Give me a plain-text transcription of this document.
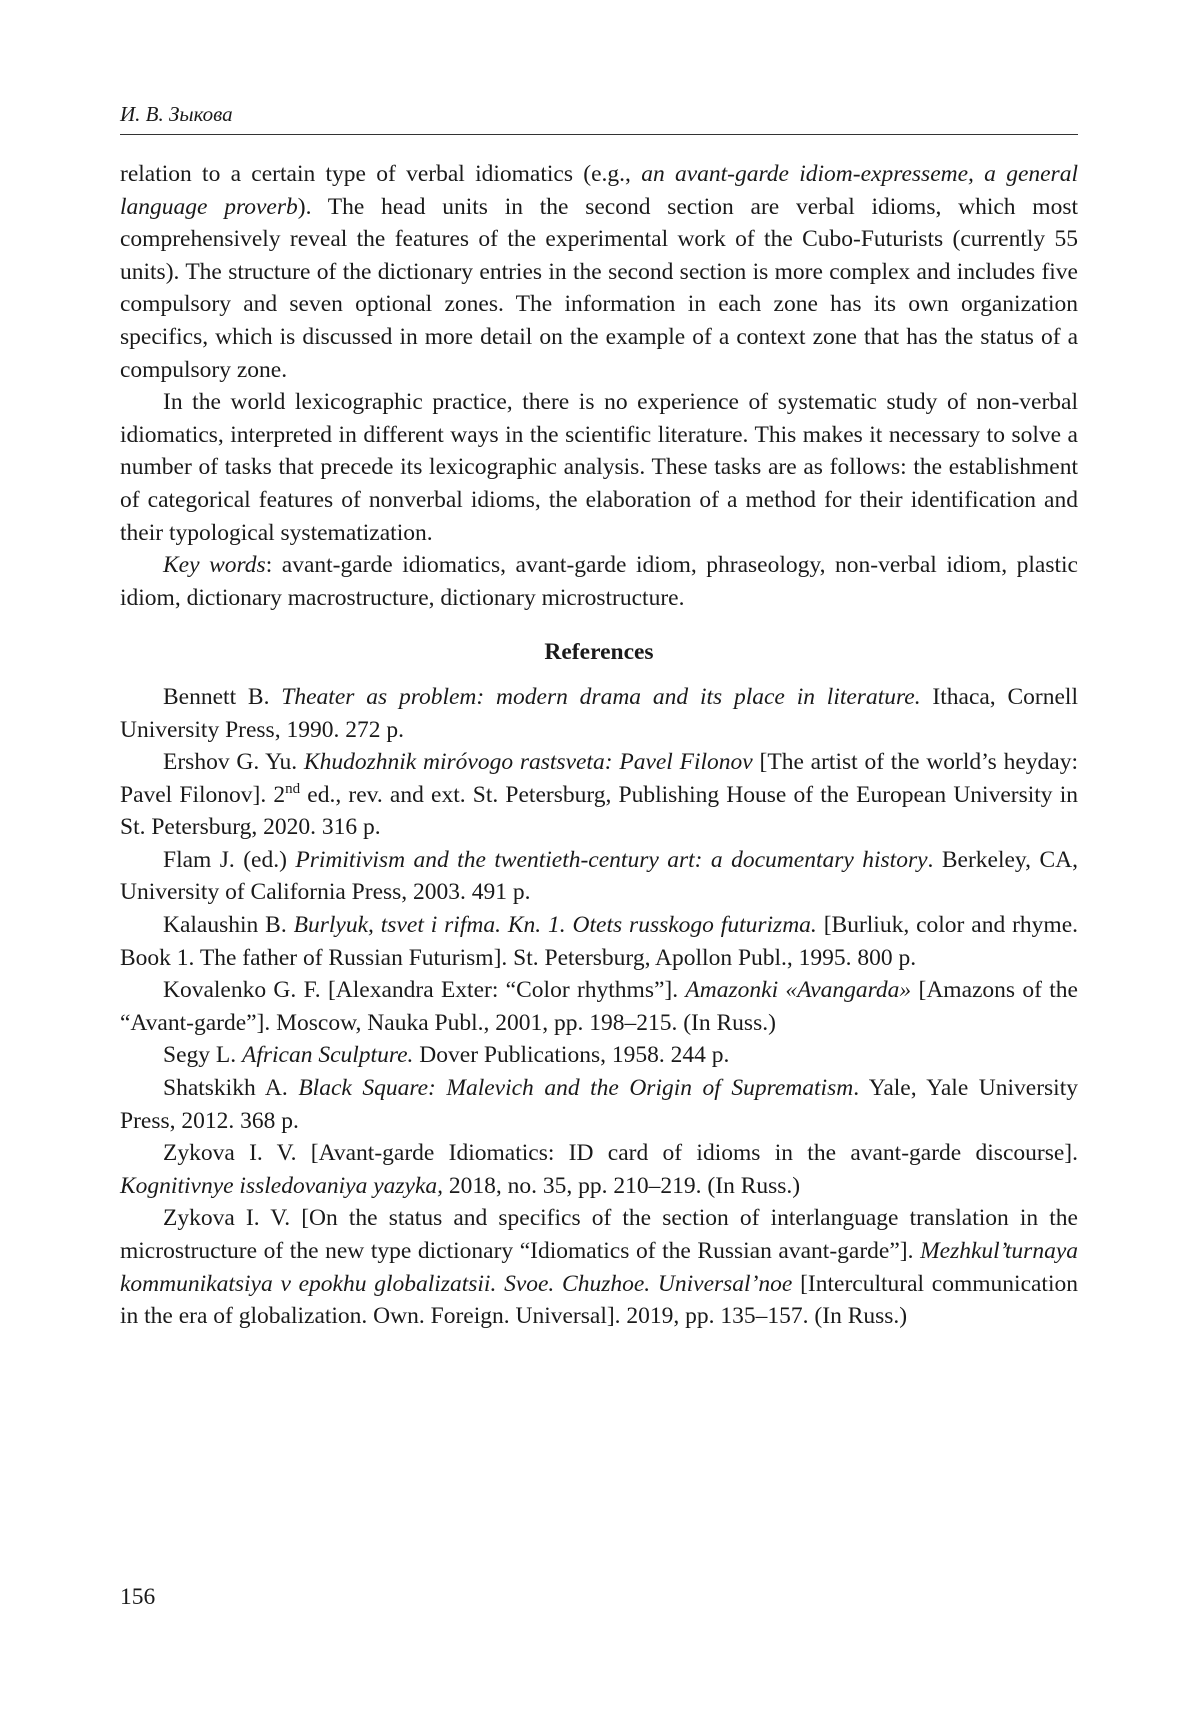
И. В. Зыкова

relation to a certain type of verbal idiomatics (e.g., an avant-garde idiom-expresseme, a general language proverb). The head units in the second section are verbal idioms, which most comprehensively reveal the features of the experimental work of the Cubo-Futurists (currently 55 units). The structure of the dictionary entries in the second section is more complex and includes five compulsory and seven optional zones. The information in each zone has its own organization specifics, which is discussed in more detail on the example of a context zone that has the status of a compulsory zone.

In the world lexicographic practice, there is no experience of systematic study of non-verbal idiomatics, interpreted in different ways in the scientific literature. This makes it necessary to solve a number of tasks that precede its lexicographic analysis. These tasks are as follows: the establishment of categorical features of nonverbal idioms, the elaboration of a method for their identification and their typological systematization.

Key words: avant-garde idiomatics, avant-garde idiom, phraseology, non-verbal idiom, plastic idiom, dictionary macrostructure, dictionary microstructure.

References

Bennett B. Theater as problem: modern drama and its place in literature. Ithaca, Cornell University Press, 1990. 272 p.

Ershov G. Yu. Khudozhnik miróvogo rastsveta: Pavel Filonov [The artist of the world’s heyday: Pavel Filonov]. 2nd ed., rev. and ext. St. Petersburg, Publishing House of the European University in St. Petersburg, 2020. 316 p.

Flam J. (ed.) Primitivism and the twentieth-century art: a documentary history. Berkeley, CA, University of California Press, 2003. 491 p.

Kalaushin B. Burlyuk, tsvet i rifma. Kn. 1. Otets russkogo futurizma. [Burliuk, color and rhyme. Book 1. The father of Russian Futurism]. St. Petersburg, Apollon Publ., 1995. 800 p.

Kovalenko G. F. [Alexandra Exter: “Color rhythms”]. Amazonki «Avangarda» [Amazons of the “Avant-garde”]. Moscow, Nauka Publ., 2001, pp. 198–215. (In Russ.)

Segy L. African Sculpture. Dover Publications, 1958. 244 p.

Shatskikh A. Black Square: Malevich and the Origin of Suprematism. Yale, Yale University Press, 2012. 368 p.

Zykova I. V. [Avant-garde Idiomatics: ID card of idioms in the avant-garde discourse]. Kognitivnye issledovaniya yazyka, 2018, no. 35, pp. 210–219. (In Russ.)

Zykova I. V. [On the status and specifics of the section of interlanguage translation in the microstructure of the new type dictionary “Idiomatics of the Russian avant-garde”]. Mezhkul’turnaya kommunikatsiya v epokhu globalizatsii. Svoe. Chuzhoe. Universal’noe [Intercultural communication in the era of globalization. Own. Foreign. Universal]. 2019, pp. 135–157. (In Russ.)

156
